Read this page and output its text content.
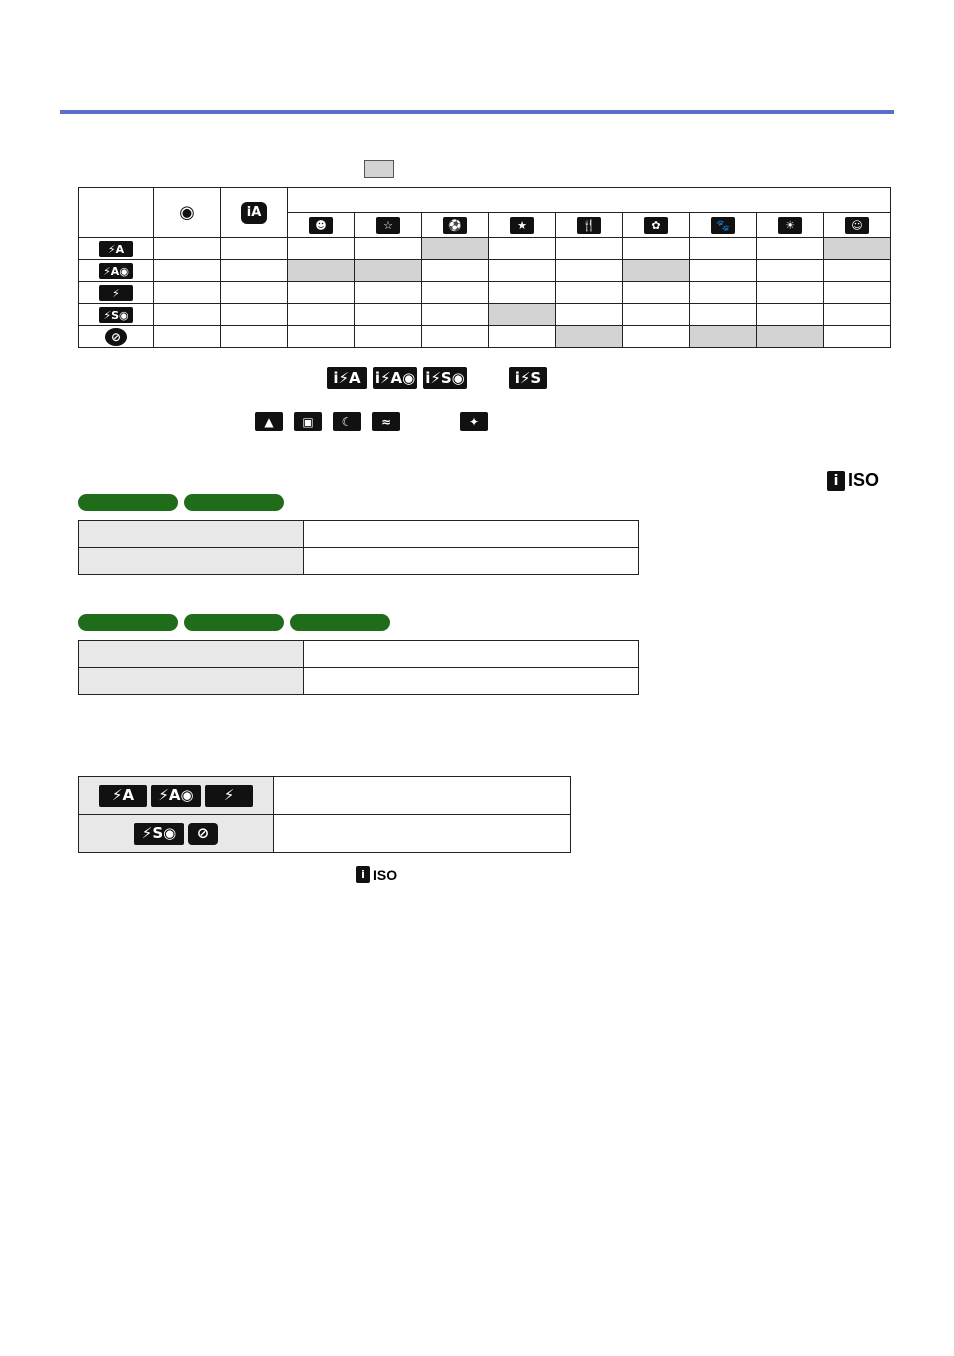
	◉	iA									
			☻	☆	⚽	★	🍴	✿	🐾	☀	☺
⚡A											
⚡A◉											
⚡											
⚡S◉											
⊘											
i⚡A i⚡A◉ i⚡S◉	i⚡S
▲	▣	☾	≈	✦
i ISO

⚡A ⚡A◉ ⚡	

⚡S◉ ⊘	

i ISO
